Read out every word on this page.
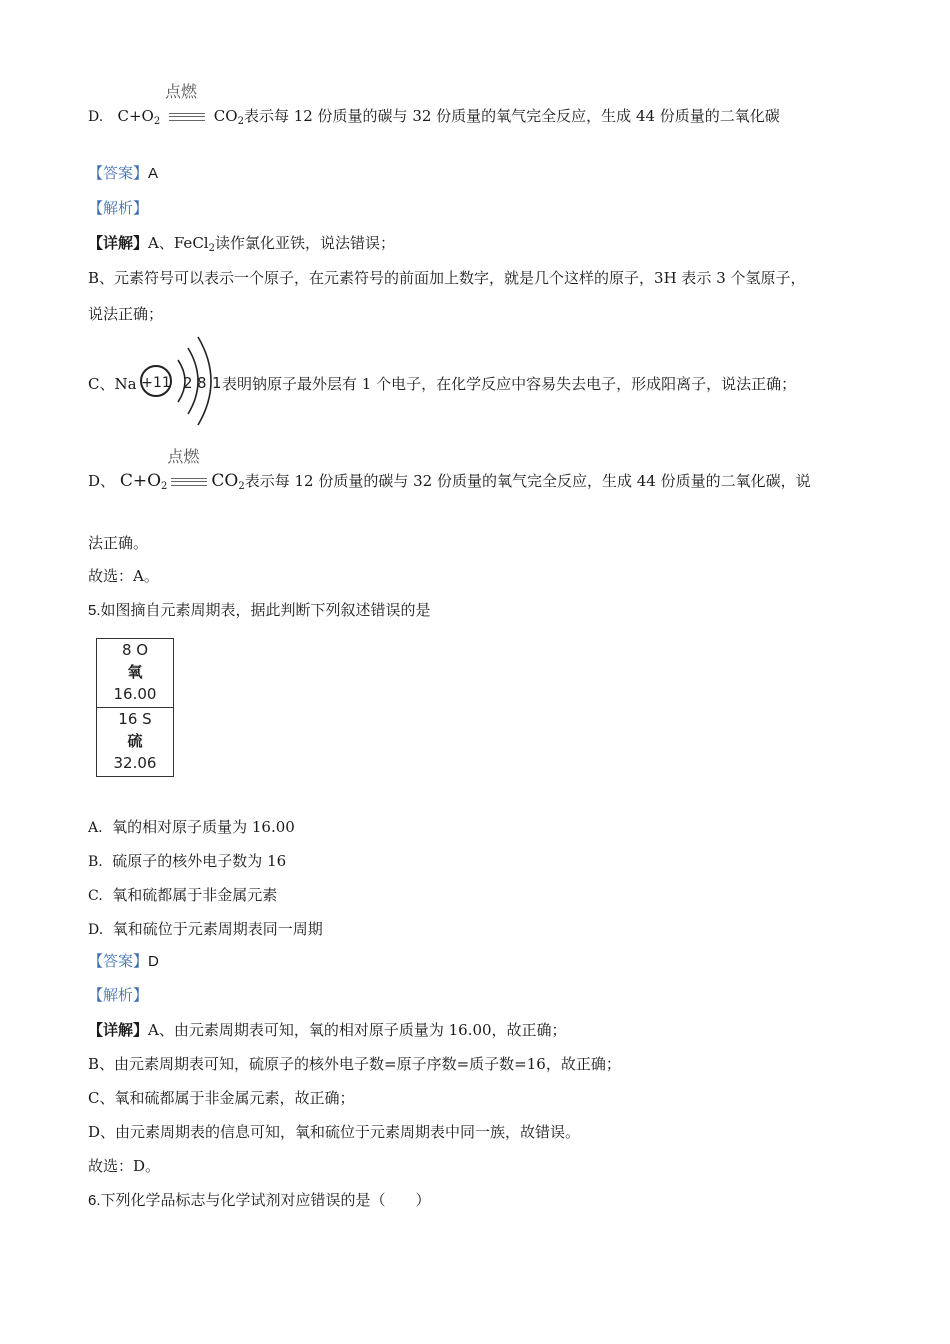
D. $C+O_2$
点燃
$CO_2$表示每 12 份质量的碳与 32 份质量的氧气完全反应，生成 44 份质量的二氧化碳
【答案】A
【解析】
【详解】A、FeCl$_2$读作氯化亚铁，说法错误；
B、元素符号可以表示一个原子，在元素符号的前面加上数字，就是几个这样的原子，3H 表示 3 个氢原子，
说法正确；
C、Na +11 2 8 1 表明钠原子最外层有 1 个电子，在化学反应中容易失去电子，形成阳离子，说法正确；
D、 $C+O_2$
点燃
$CO_2$表示每 12 份质量的碳与 32 份质量的氧气完全反应，生成 44 份质量的二氧化碳，说
法正确。
故选：A。
5.如图摘自元素周期表，据此判断下列叙述错误的是
8 O
氧
16.00
16 S
硫
32.06
A. 氧的相对原子质量为 16.00
B. 硫原子的核外电子数为 16
C. 氧和硫都属于非金属元素
D. 氧和硫位于元素周期表同一周期
【答案】D
【解析】
【详解】A、由元素周期表可知，氧的相对原子质量为 16.00，故正确；
B、由元素周期表可知，硫原子的核外电子数=原子序数=质子数=16，故正确；
C、氧和硫都属于非金属元素，故正确；
D、由元素周期表的信息可知，氧和硫位于元素周期表中同一族，故错误。
故选：D。
6.下列化学品标志与化学试剂对应错误的是（　　）
